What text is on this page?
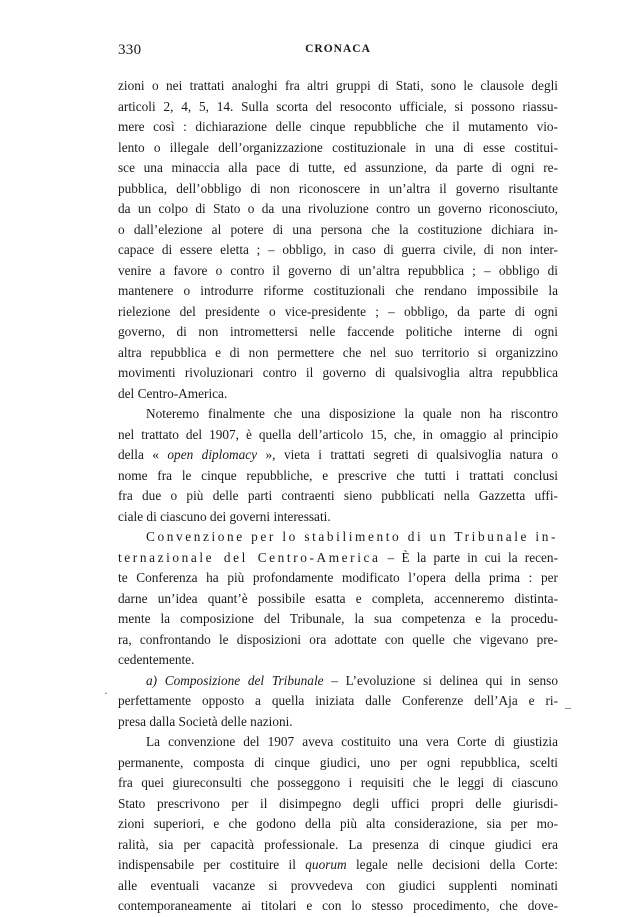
330	CRONACA
zioni o nei trattati analoghi fra altri gruppi di Stati, sono le clausole degli
articoli 2, 4, 5, 14. Sulla scorta del resoconto ufficiale, si possono riassu-
mere così : dichiarazione delle cinque repubbliche che il mutamento vio-
lento o illegale dell’organizzazione costituzionale in una di esse costitui-
sce una minaccia alla pace di tutte, ed assunzione, da parte di ogni re-
pubblica, dell’obbligo di non riconoscere in un’altra il governo risultante
da un colpo di Stato o da una rivoluzione contro un governo riconosciuto,
o dall’elezione al potere di una persona che la costituzione dichiara in-
capace di essere eletta ; – obbligo, in caso di guerra civile, di non inter-
venire a favore o contro il governo di un’altra repubblica ; – obbligo di
mantenere o introdurre riforme costituzionali che rendano impossibile la
rielezione del presidente o vice-presidente ; – obbligo, da parte di ogni
governo, di non intromettersi nelle faccende politiche interne di ogni
altra repubblica e di non permettere che nel suo territorio si organizzino
movimenti rivoluzionari contro il governo di qualsivoglia altra repubblica
del Centro-America.
Noteremo finalmente che una disposizione la quale non ha riscontro
nel trattato del 1907, è quella dell’articolo 15, che, in omaggio al principio
della « open diplomacy », vieta i trattati segreti di qualsivoglia natura o
nome fra le cinque repubbliche, e prescrive che tutti i trattati conclusi
fra due o più delle parti contraenti sieno pubblicati nella Gazzetta uffi-
ciale di ciascuno dei governi interessati.
Convenzione per lo stabilimento di un Tribunale in-
ternazionale del Centro-America – È la parte in cui la recen-
te Conferenza ha più profondamente modificato l’opera della prima : per
darne un’idea quant’è possibile esatta e completa, accenneremo distinta-
mente la composizione del Tribunale, la sua competenza e la procedu-
ra, confrontando le disposizioni ora adottate con quelle che vigevano pre-
cedentemente.
a) Composizione del Tribunale – L’evoluzione si delinea qui in senso
perfettamente opposto a quella iniziata dalle Conferenze dell’Aja e ri-
presa dalla Società delle nazioni.
La convenzione del 1907 aveva costituito una vera Corte di giustizia
permanente, composta di cinque giudici, uno per ogni repubblica, scelti
fra quei giureconsulti che posseggono i requisiti che le leggi di ciascuno
Stato prescrivono per il disimpegno degli uffici propri delle giurisdi-
zioni superiori, e che godono della più alta considerazione, sia per mo-
ralità, sia per capacità professionale. La presenza di cinque giudici era
indispensabile per costituire il quorum legale nelle decisioni della Corte:
alle eventuali vacanze si provvedeva con giudici supplenti nominati
contemporaneamente ai titolari e con lo stesso procedimento, che dove-
·
–
